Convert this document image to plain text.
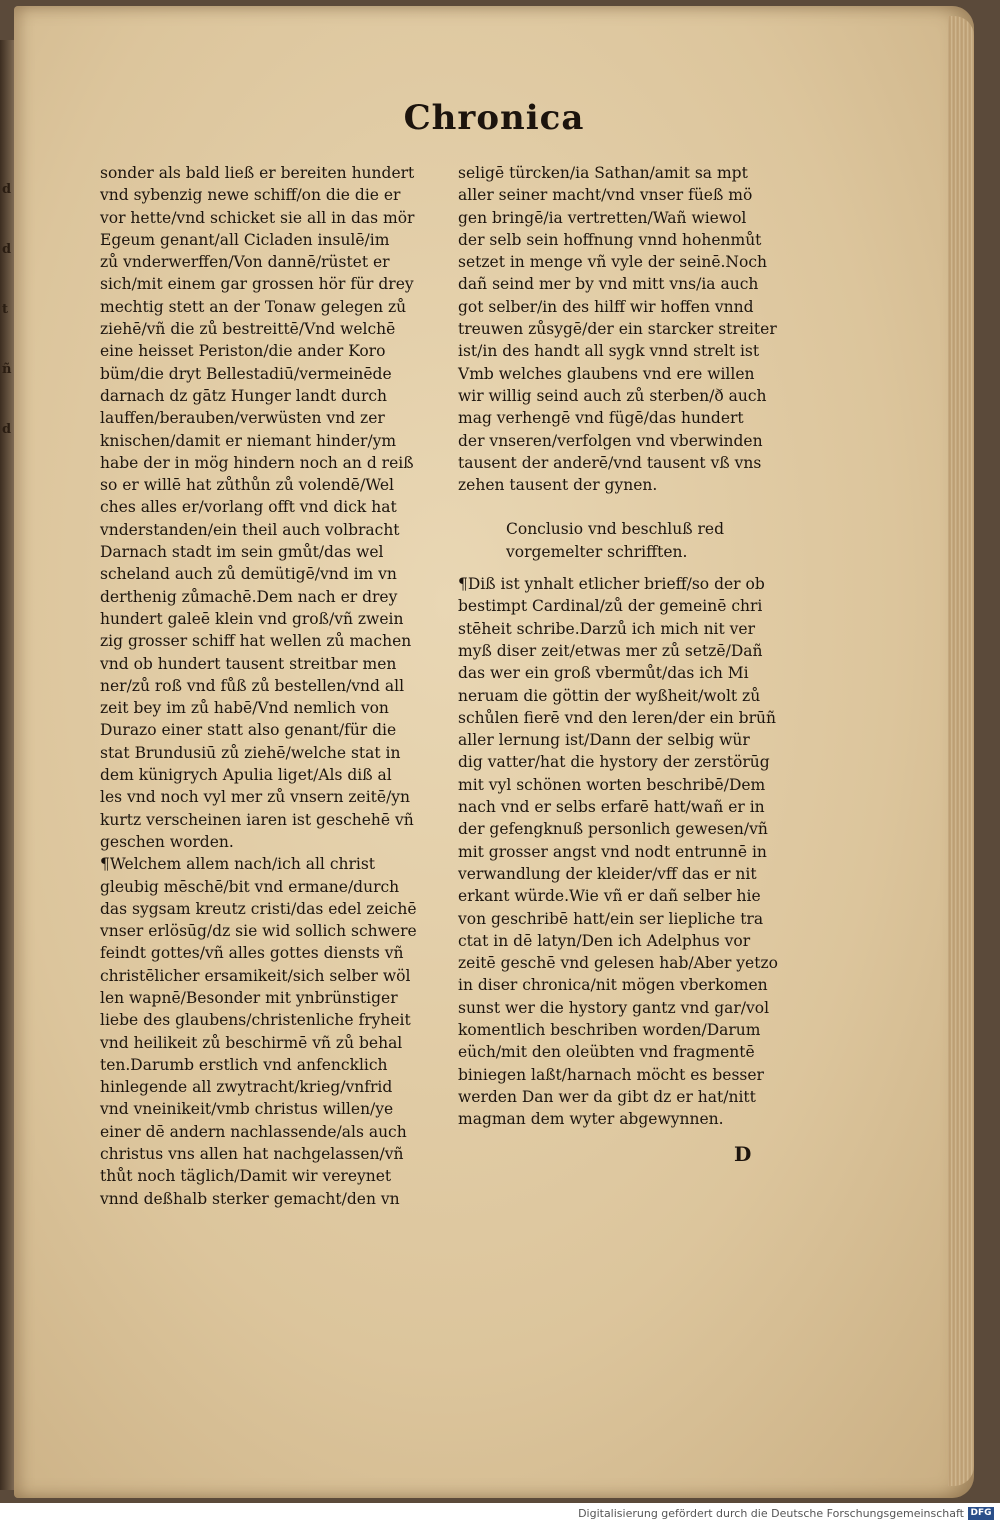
d
d
t
ñ
d
Chronica
sonder als bald ließ er bereiten hundert
vnd sybenzig newe schiff/on die die er
vor hette/vnd schicket sie all in das mör
Egeum genant/all Cicladen insulē/im
zů vnderwerffen/Von dannē/rüstet er
sich/mit einem gar grossen hör für drey
mechtig stett an der Tonaw gelegen zů
ziehē/vñ die zů bestreittē/Vnd welchē
eine heisset Periston/die ander Koro
büm/die dryt Bellestadiū/vermeinēde
darnach dz gātz Hunger landt durch
lauffen/berauben/verwüsten vnd zer
knischen/damit er niemant hinder/ym
habe der in mög hindern noch an d reiß
so er willē hat zůthůn zů volendē/Wel
ches alles er/vorlang offt vnd dick hat
vnderstanden/ein theil auch volbracht
Darnach stadt im sein gmůt/das wel
scheland auch zů demütigē/vnd im vn
derthenig zůmachē.Dem nach er drey
hundert galeē klein vnd groß/vñ zwein
zig grosser schiff hat wellen zů machen
vnd ob hundert tausent streitbar men
ner/zů roß vnd fůß zů bestellen/vnd all
zeit bey im zů habē/Vnd nemlich von
Durazo einer statt also genant/für die
stat Brundusiū zů ziehē/welche stat in
dem künigrych Apulia liget/Als diß al
les vnd noch vyl mer zů vnsern zeitē/yn
kurtz verscheinen iaren ist geschehē vñ
geschen worden.
¶Welchem allem nach/ich all christ
gleubig mēschē/bit vnd ermane/durch
das sygsam kreutz cristi/das edel zeichē
vnser erlösūg/dz sie wid sollich schwere
feindt gottes/vñ alles gottes diensts vñ
christēlicher ersamikeit/sich selber wöl
len wapnē/Besonder mit ynbrünstiger
liebe des glaubens/christenliche fryheit
vnd heilikeit zů beschirmē vñ zů behal
ten.Darumb erstlich vnd anfencklich
hinlegende all zwytracht/krieg/vnfrid
vnd vneinikeit/vmb christus willen/ye
einer dē andern nachlassende/als auch
christus vns allen hat nachgelassen/vñ
thůt noch täglich/Damit wir vereynet
vnnd deßhalb sterker gemacht/den vn
seligē türcken/ia Sathan/amit sa mpt
aller seiner macht/vnd vnser füeß mö
gen bringē/ia vertretten/Wañ wiewol
der selb sein hoffnung vnnd hohenmůt
setzet in menge vñ vyle der seinē.Noch
dañ seind mer by vnd mitt vns/ia auch
got selber/in des hilff wir hoffen vnnd
treuwen zůsygē/der ein starcker streiter
ist/in des handt all sygk vnnd strelt ist
Vmb welches glaubens vnd ere willen
wir willig seind auch zů sterben/ð auch
mag verhengē vnd fügē/das hundert
der vnseren/verfolgen vnd vberwinden
tausent der anderē/vnd tausent vß vns
zehen tausent der gynen.
Conclusio vnd beschluß red
vorgemelter schrifften.
¶Diß ist ynhalt etlicher brieff/so der ob
bestimpt Cardinal/zů der gemeinē chri
stēheit schribe.Darzů ich mich nit ver
myß diser zeit/etwas mer zů setzē/Dañ
das wer ein groß vbermůt/das ich Mi
neruam die göttin der wyßheit/wolt zů
schůlen fierē vnd den leren/der ein brūñ
aller lernung ist/Dann der selbig wür
dig vatter/hat die hystory der zerstörūg
mit vyl schönen worten beschribē/Dem
nach vnd er selbs erfarē hatt/wañ er in
der gefengknuß personlich gewesen/vñ
mit grosser angst vnd nodt entrunnē in
verwandlung der kleider/vff das er nit
erkant würde.Wie vñ er dañ selber hie
von geschribē hatt/ein ser liepliche tra
ctat in dē latyn/Den ich Adelphus vor
zeitē geschē vnd gelesen hab/Aber yetzo
in diser chronica/nit mögen vberkomen
sunst wer die hystory gantz vnd gar/vol
komentlich beschriben worden/Darum
eüch/mit den oleübten vnd fragmentē
biniegen laßt/harnach möcht es besser
werden Dan wer da gibt dz er hat/nitt
magman dem wyter abgewynnen.
D
Digitalisierung gefördert durch die Deutsche Forschungsgemeinschaft DFG
